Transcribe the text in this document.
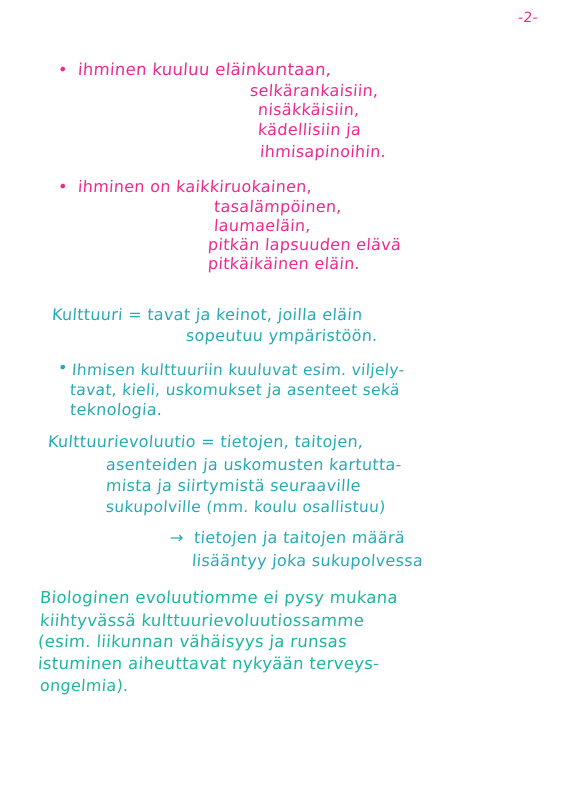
-2-
• ihminen kuuluu eläinkuntaan,
selkärankaisiin,
nisäkkäisiin,
kädellisiin ja
ihmisapinoihin.
• ihminen on kaikkiruokainen,
tasalämpöinen,
laumaeläin,
pitkän lapsuuden elävä
pitkäikäinen eläin.
Kulttuuri = tavat ja keinot, joilla eläin
sopeutuu ympäristöön.
• Ihmisen kulttuuriin kuuluvat esim. viljely-
tavat, kieli, uskomukset ja asenteet sekä
teknologia.
Kulttuurievoluutio = tietojen, taitojen,
asenteiden ja uskomusten kartutta-
mista ja siirtymistä seuraaville
sukupolville (mm. koulu osallistuu)
→ tietojen ja taitojen määrä
lisääntyy joka sukupolvessa
Biologinen evoluutiomme ei pysy mukana
kiihtyvässä kulttuurievoluutiossamme
(esim. liikunnan vähäisyys ja runsas
istuminen aiheuttavat nykyään terveys-
ongelmia).
